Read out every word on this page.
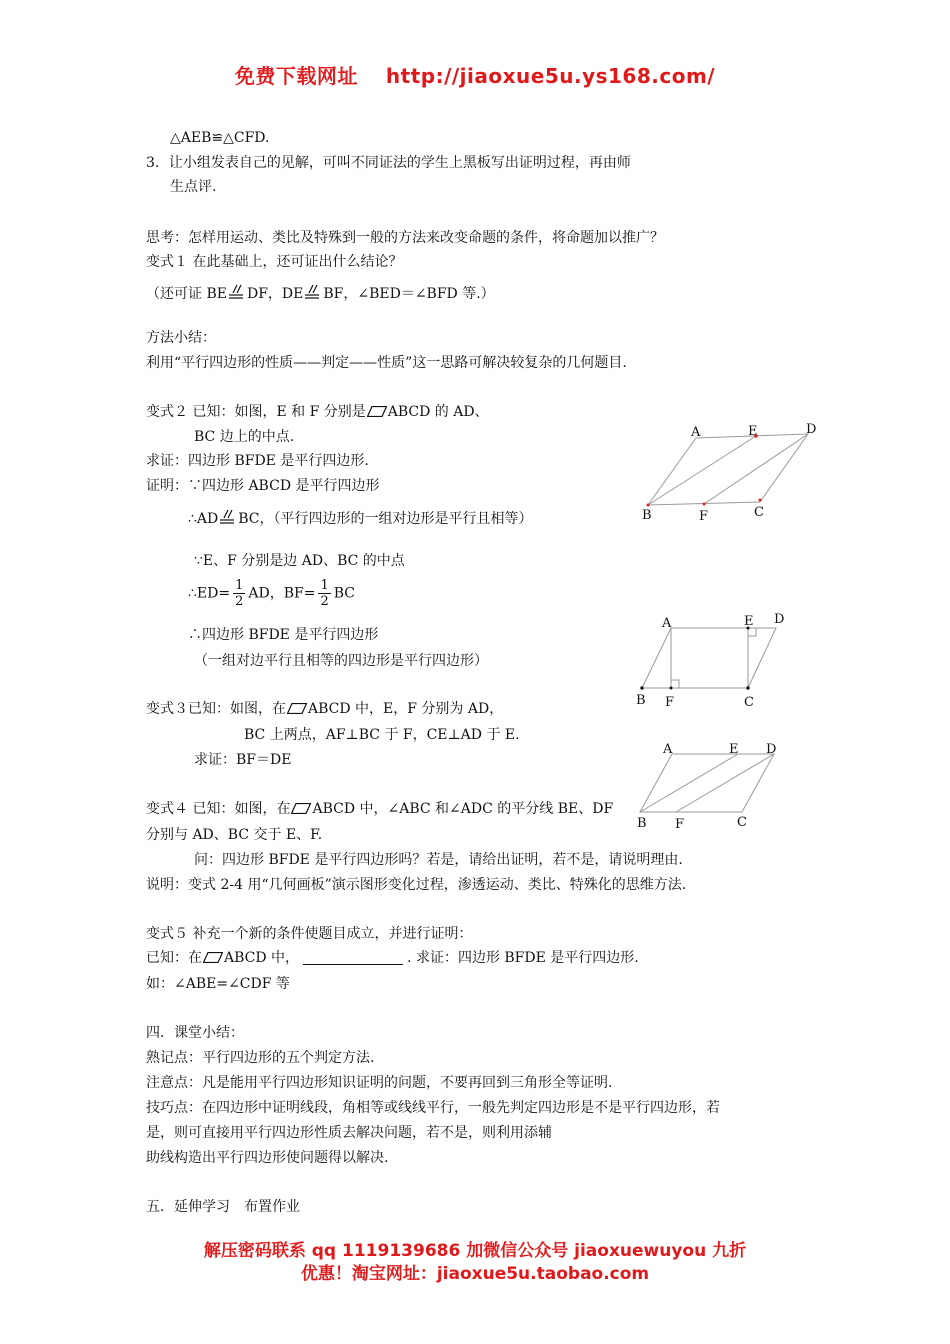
免费下载网址 http://jiaoxue5u.ys168.com/
△AEB≌△CFD.
3．让小组发表自己的见解，可叫不同证法的学生上黑板写出证明过程，再由师
生点评.
思考：怎样用运动、类比及特殊到一般的方法来改变命题的条件，将命题加以推广？
变式１ 在此基础上，还可证出什么结论？
（还可证 BE DF，DE BF，∠BED＝∠BFD 等.）
方法小结：
利用“平行四边形的性质——判定——性质”这一思路可解决较复杂的几何题目.
变式２ 已知：如图，E 和 F 分别是 ABCD 的 AD、
BC 边上的中点.
求证：四边形 BFDE 是平行四边形.
证明：∵四边形 ABCD 是平行四边形
∴AD BC，（平行四边形的一组对边形是平行且相等）
∵E、F 分别是边 AD、BC 的中点
∴ED= $\frac{1}{2}$ AD，$BF= \frac{1}{2}$ BC
∴四边形 BFDE 是平行四边形
（一组对边平行且相等的四边形是平行四边形）
变式３已知：如图，在 ABCD 中，E，F 分别为 AD，
BC 上两点，AF⊥BC 于 F，CE⊥AD 于 E.
求证：BF＝DE
变式４ 已知：如图，在 ABCD 中，∠ABC 和∠ADC 的平分线 BE、DF
分别与 AD、BC 交于 E、F.
问：四边形 BFDE 是平行四边形吗？若是，请给出证明，若不是，请说明理由.
说明：变式 2-4 用“几何画板”演示图形变化过程，渗透运动、类比、特殊化的思维方法.
变式５ 补充一个新的条件使题目成立，并进行证明：
已知：在 ABCD 中，	. 求证：四边形 BFDE 是平行四边形.
如：∠ABE=∠CDF 等
四．课堂小结：
熟记点：平行四边形的五个判定方法.
注意点：凡是能用平行四边形知识证明的问题，不要再回到三角形全等证明.
技巧点：在四边形中证明线段，角相等或线线平行，一般先判定四边形是不是平行四边形，若
是，则可直接用平行四边形性质去解决问题，若不是，则利用添辅
助线构造出平行四边形使问题得以解决.
五．延伸学习　布置作业
A	E	D
B	F	C
A	E D
B F	C
A	E D
B F	C
解压密码联系 qq 1119139686 加微信公众号 jiaoxuewuyou 九折
优惠！淘宝网址：jiaoxue5u.taobao.com
